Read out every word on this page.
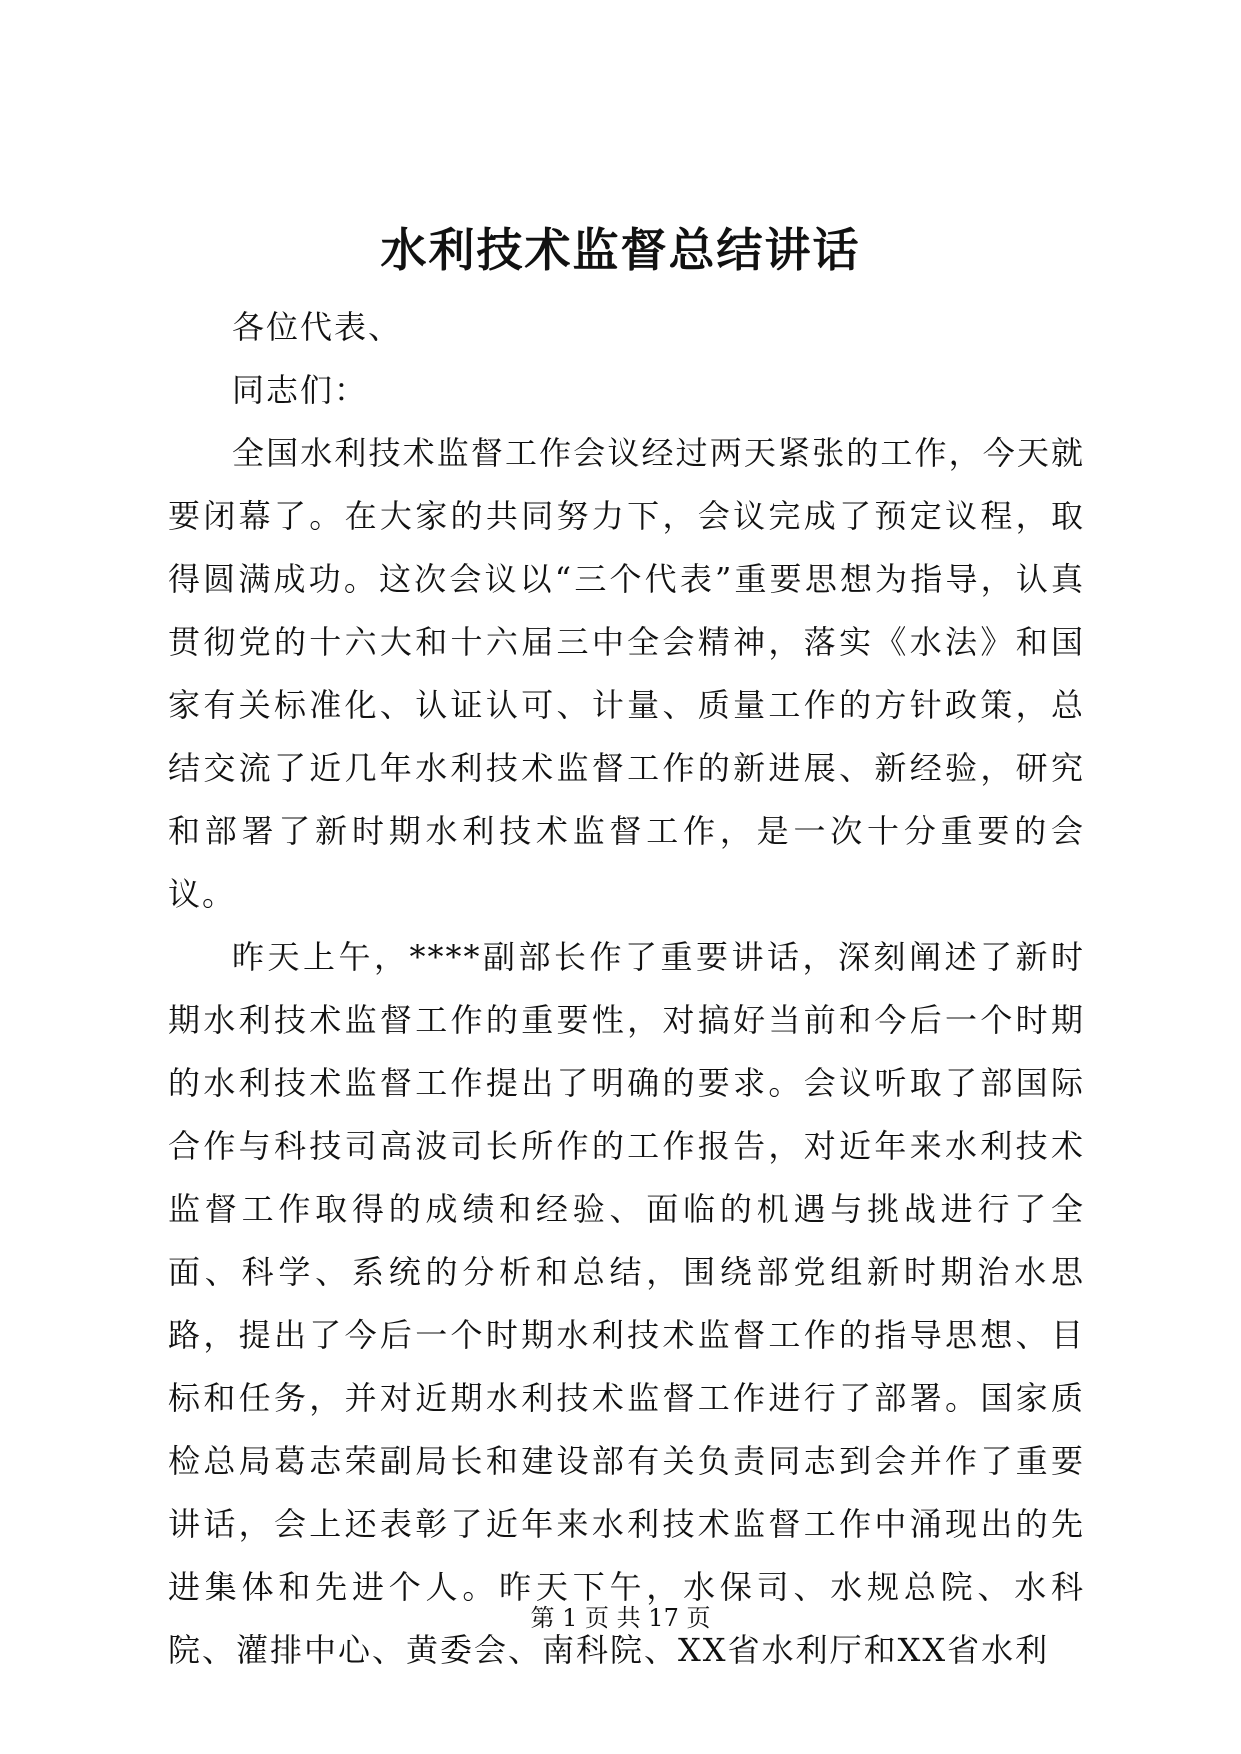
水利技术监督总结讲话

各位代表、

同志们：

全国水利技术监督工作会议经过两天紧张的工作，今天就要闭幕了。在大家的共同努力下，会议完成了预定议程，取得圆满成功。这次会议以“三个代表”重要思想为指导，认真贯彻党的十六大和十六届三中全会精神，落实《水法》和国家有关标准化、认证认可、计量、质量工作的方针政策，总结交流了近几年水利技术监督工作的新进展、新经验，研究和部署了新时期水利技术监督工作，是一次十分重要的会议。

昨天上午，****副部长作了重要讲话，深刻阐述了新时期水利技术监督工作的重要性，对搞好当前和今后一个时期的水利技术监督工作提出了明确的要求。会议听取了部国际合作与科技司高波司长所作的工作报告，对近年来水利技术监督工作取得的成绩和经验、面临的机遇与挑战进行了全面、科学、系统的分析和总结，围绕部党组新时期治水思路，提出了今后一个时期水利技术监督工作的指导思想、目标和任务，并对近期水利技术监督工作进行了部署。国家质检总局葛志荣副局长和建设部有关负责同志到会并作了重要讲话，会上还表彰了近年来水利技术监督工作中涌现出的先进集体和先进个人。昨天下午，水保司、水规总院、水科院、灌排中心、黄委会、南科院、XX省水利厅和XX省水利

第 1 页 共 17 页
